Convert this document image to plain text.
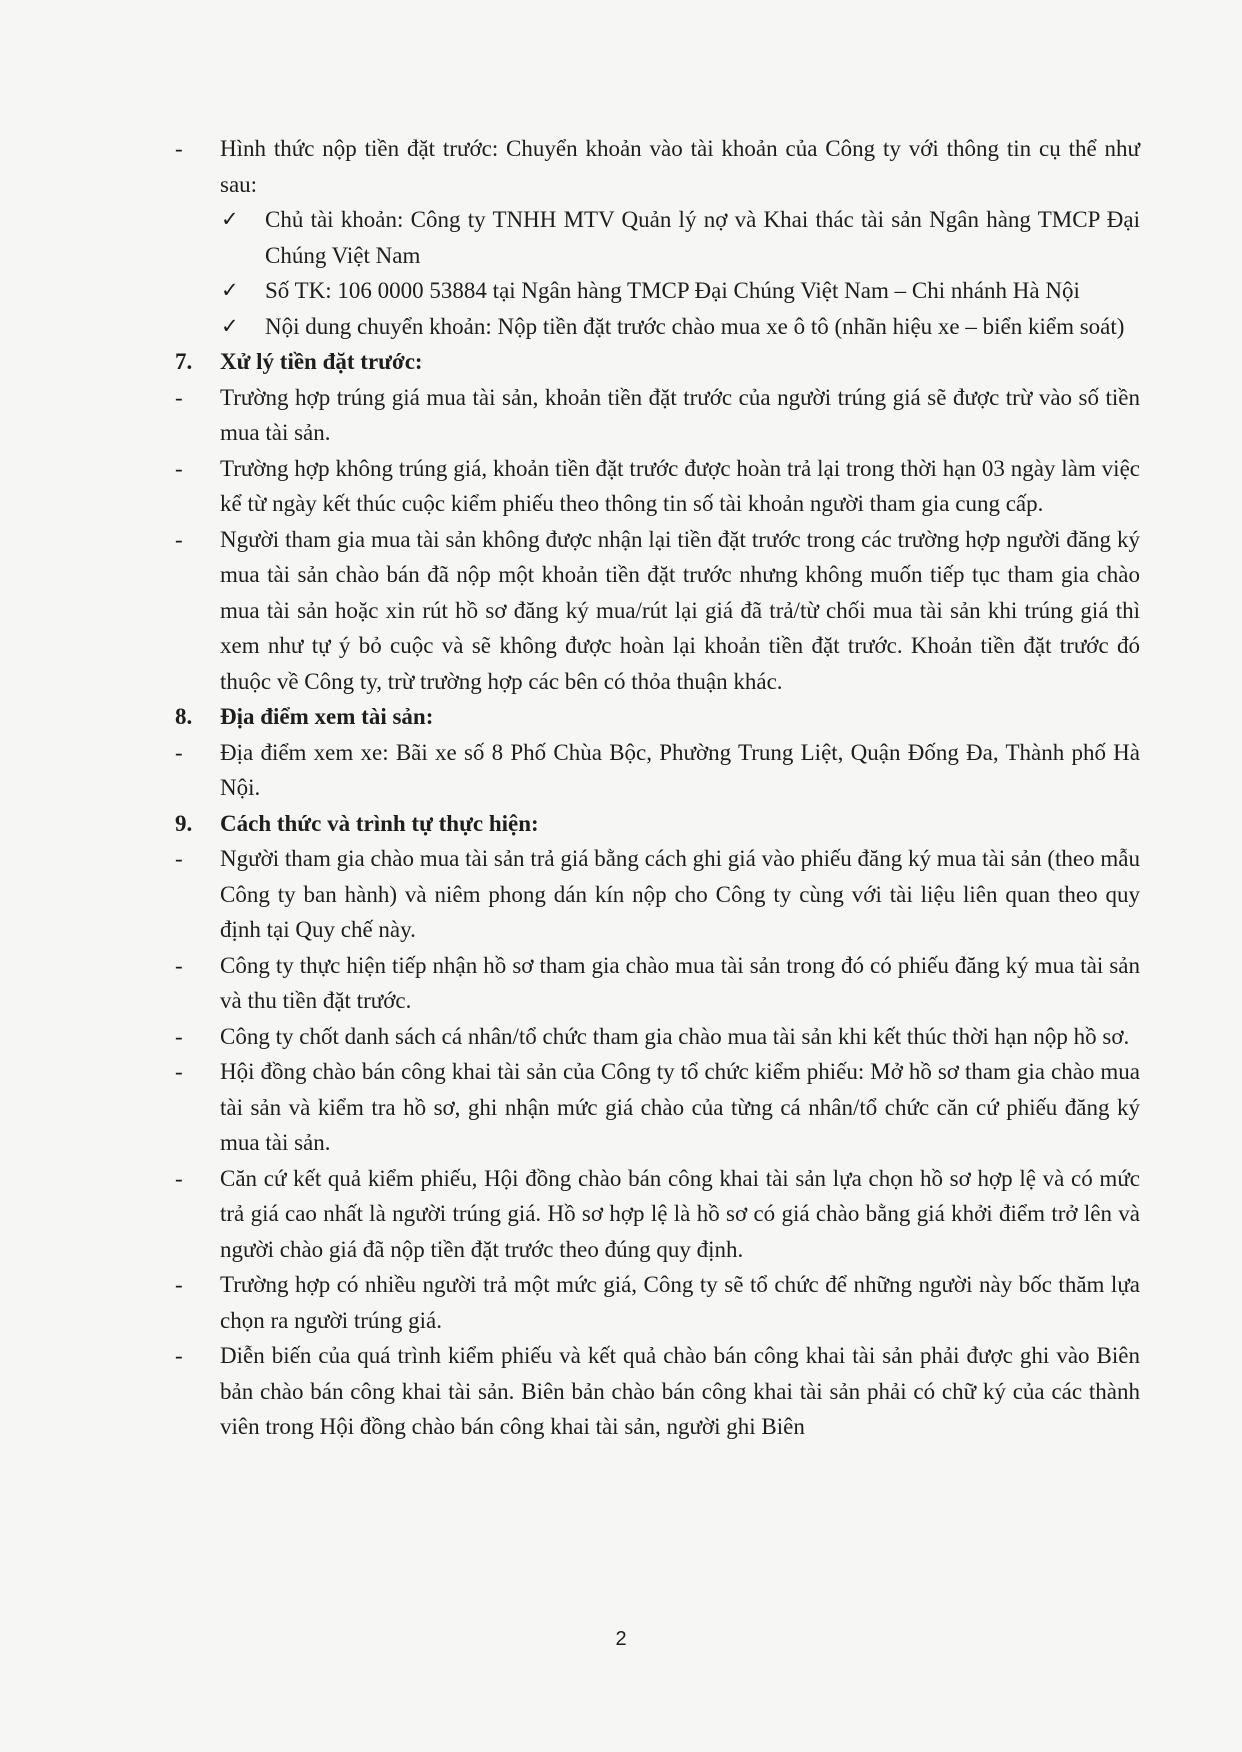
- Hình thức nộp tiền đặt trước: Chuyển khoản vào tài khoản của Công ty với thông tin cụ thể như sau:
✓ Chủ tài khoản: Công ty TNHH MTV Quản lý nợ và Khai thác tài sản Ngân hàng TMCP Đại Chúng Việt Nam
✓ Số TK: 106 0000 53884 tại Ngân hàng TMCP Đại Chúng Việt Nam – Chi nhánh Hà Nội
✓ Nội dung chuyển khoản: Nộp tiền đặt trước chào mua xe ô tô (nhãn hiệu xe – biển kiểm soát)
7. Xử lý tiền đặt trước:
- Trường hợp trúng giá mua tài sản, khoản tiền đặt trước của người trúng giá sẽ được trừ vào số tiền mua tài sản.
- Trường hợp không trúng giá, khoản tiền đặt trước được hoàn trả lại trong thời hạn 03 ngày làm việc kể từ ngày kết thúc cuộc kiểm phiếu theo thông tin số tài khoản người tham gia cung cấp.
- Người tham gia mua tài sản không được nhận lại tiền đặt trước trong các trường hợp người đăng ký mua tài sản chào bán đã nộp một khoản tiền đặt trước nhưng không muốn tiếp tục tham gia chào mua tài sản hoặc xin rút hồ sơ đăng ký mua/rút lại giá đã trả/từ chối mua tài sản khi trúng giá thì xem như tự ý bỏ cuộc và sẽ không được hoàn lại khoản tiền đặt trước. Khoản tiền đặt trước đó thuộc về Công ty, trừ trường hợp các bên có thỏa thuận khác.
8. Địa điểm xem tài sản:
- Địa điểm xem xe: Bãi xe số 8 Phố Chùa Bộc, Phường Trung Liệt, Quận Đống Đa, Thành phố Hà Nội.
9. Cách thức và trình tự thực hiện:
- Người tham gia chào mua tài sản trả giá bằng cách ghi giá vào phiếu đăng ký mua tài sản (theo mẫu Công ty ban hành) và niêm phong dán kín nộp cho Công ty cùng với tài liệu liên quan theo quy định tại Quy chế này.
- Công ty thực hiện tiếp nhận hồ sơ tham gia chào mua tài sản trong đó có phiếu đăng ký mua tài sản và thu tiền đặt trước.
- Công ty chốt danh sách cá nhân/tổ chức tham gia chào mua tài sản khi kết thúc thời hạn nộp hồ sơ.
- Hội đồng chào bán công khai tài sản của Công ty tổ chức kiểm phiếu: Mở hồ sơ tham gia chào mua tài sản và kiểm tra hồ sơ, ghi nhận mức giá chào của từng cá nhân/tổ chức căn cứ phiếu đăng ký mua tài sản.
- Căn cứ kết quả kiểm phiếu, Hội đồng chào bán công khai tài sản lựa chọn hồ sơ hợp lệ và có mức trả giá cao nhất là người trúng giá. Hồ sơ hợp lệ là hồ sơ có giá chào bằng giá khởi điểm trở lên và người chào giá đã nộp tiền đặt trước theo đúng quy định.
- Trường hợp có nhiều người trả một mức giá, Công ty sẽ tổ chức để những người này bốc thăm lựa chọn ra người trúng giá.
- Diễn biến của quá trình kiểm phiếu và kết quả chào bán công khai tài sản phải được ghi vào Biên bản chào bán công khai tài sản. Biên bản chào bán công khai tài sản phải có chữ ký của các thành viên trong Hội đồng chào bán công khai tài sản, người ghi Biên
2
